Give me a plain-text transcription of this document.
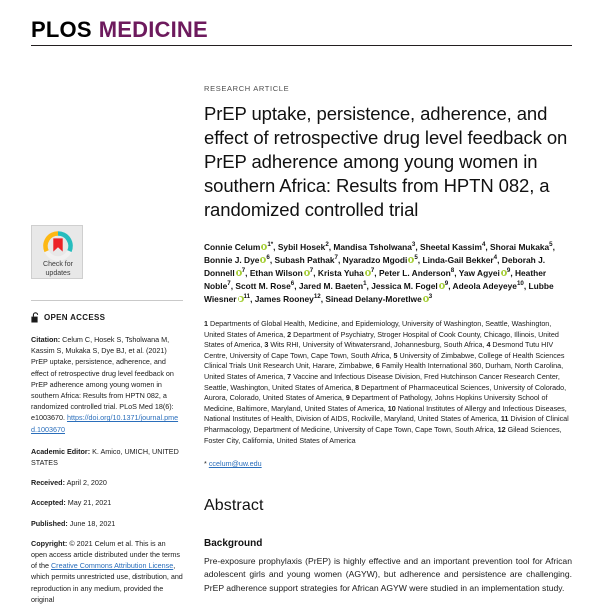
PLOS MEDICINE
Check for
updates
OPEN ACCESS
Citation: Celum C, Hosek S, Tsholwana M, Kassim S, Mukaka S, Dye BJ, et al. (2021) PrEP uptake, persistence, adherence, and effect of retrospective drug level feedback on PrEP adherence among young women in southern Africa: Results from HPTN 082, a randomized controlled trial. PLoS Med 18(6): e1003670. https://doi.org/10.1371/journal.pmed.1003670
Academic Editor: K. Amico, UMICH, UNITED STATES
Received: April 2, 2020
Accepted: May 21, 2021
Published: June 18, 2021
Copyright: © 2021 Celum et al. This is an open access article distributed under the terms of the Creative Commons Attribution License, which permits unrestricted use, distribution, and reproduction in any medium, provided the original
RESEARCH ARTICLE
PrEP uptake, persistence, adherence, and effect of retrospective drug level feedback on PrEP adherence among young women in southern Africa: Results from HPTN 082, a randomized controlled trial
Connie Celum $^{1*}$, Sybil Hosek$^2$, Mandisa Tsholwana$^3$, Sheetal Kassim$^4$, Shorai Mukaka$^5$, Bonnie J. Dye $^6$, Subash Pathak$^7$, Nyaradzo Mgodi $^5$, Linda-Gail Bekker$^4$, Deborah J. Donnell $^7$, Ethan Wilson $^7$, Krista Yuha $^7$, Peter L. Anderson$^8$, Yaw Agyei $^9$, Heather Noble$^7$, Scott M. Rose$^6$, Jared M. Baeten$^1$, Jessica M. Fogel $^9$, Adeola Adeyeye$^{10}$, Lubbe Wiesner $^{11}$, James Rooney$^{12}$, Sinead Delany-Moretlwe $^3$
1 Departments of Global Health, Medicine, and Epidemiology, University of Washington, Seattle, Washington, United States of America, 2 Department of Psychiatry, Stroger Hospital of Cook County, Chicago, Illinois, United States of America, 3 Wits RHI, University of Witwatersrand, Johannesburg, South Africa, 4 Desmond Tutu HIV Centre, University of Cape Town, Cape Town, South Africa, 5 University of Zimbabwe, College of Health Sciences Clinical Trials Unit Research Unit, Harare, Zimbabwe, 6 Family Health International 360, Durham, North Carolina, United States of America, 7 Vaccine and Infectious Disease Division, Fred Hutchinson Cancer Research Center, Seattle, Washington, United States of America, 8 Department of Pharmaceutical Sciences, University of Colorado, Aurora, Colorado, United States of America, 9 Department of Pathology, Johns Hopkins University School of Medicine, Baltimore, Maryland, United States of America, 10 National Institutes of Allergy and Infectious Diseases, National Institutes of Health, Division of AIDS, Rockville, Maryland, United States of America, 11 Division of Clinical Pharmacology, Department of Medicine, University of Cape Town, Cape Town, South Africa, 12 Gilead Sciences, Foster City, California, United States of America
* ccelum@uw.edu
Abstract
Background

Pre-exposure prophylaxis (PrEP) is highly effective and an important prevention tool for African adolescent girls and young women (AGYW), but adherence and persistence are challenging. PrEP adherence support strategies for African AGYW were studied in an implementation study.
